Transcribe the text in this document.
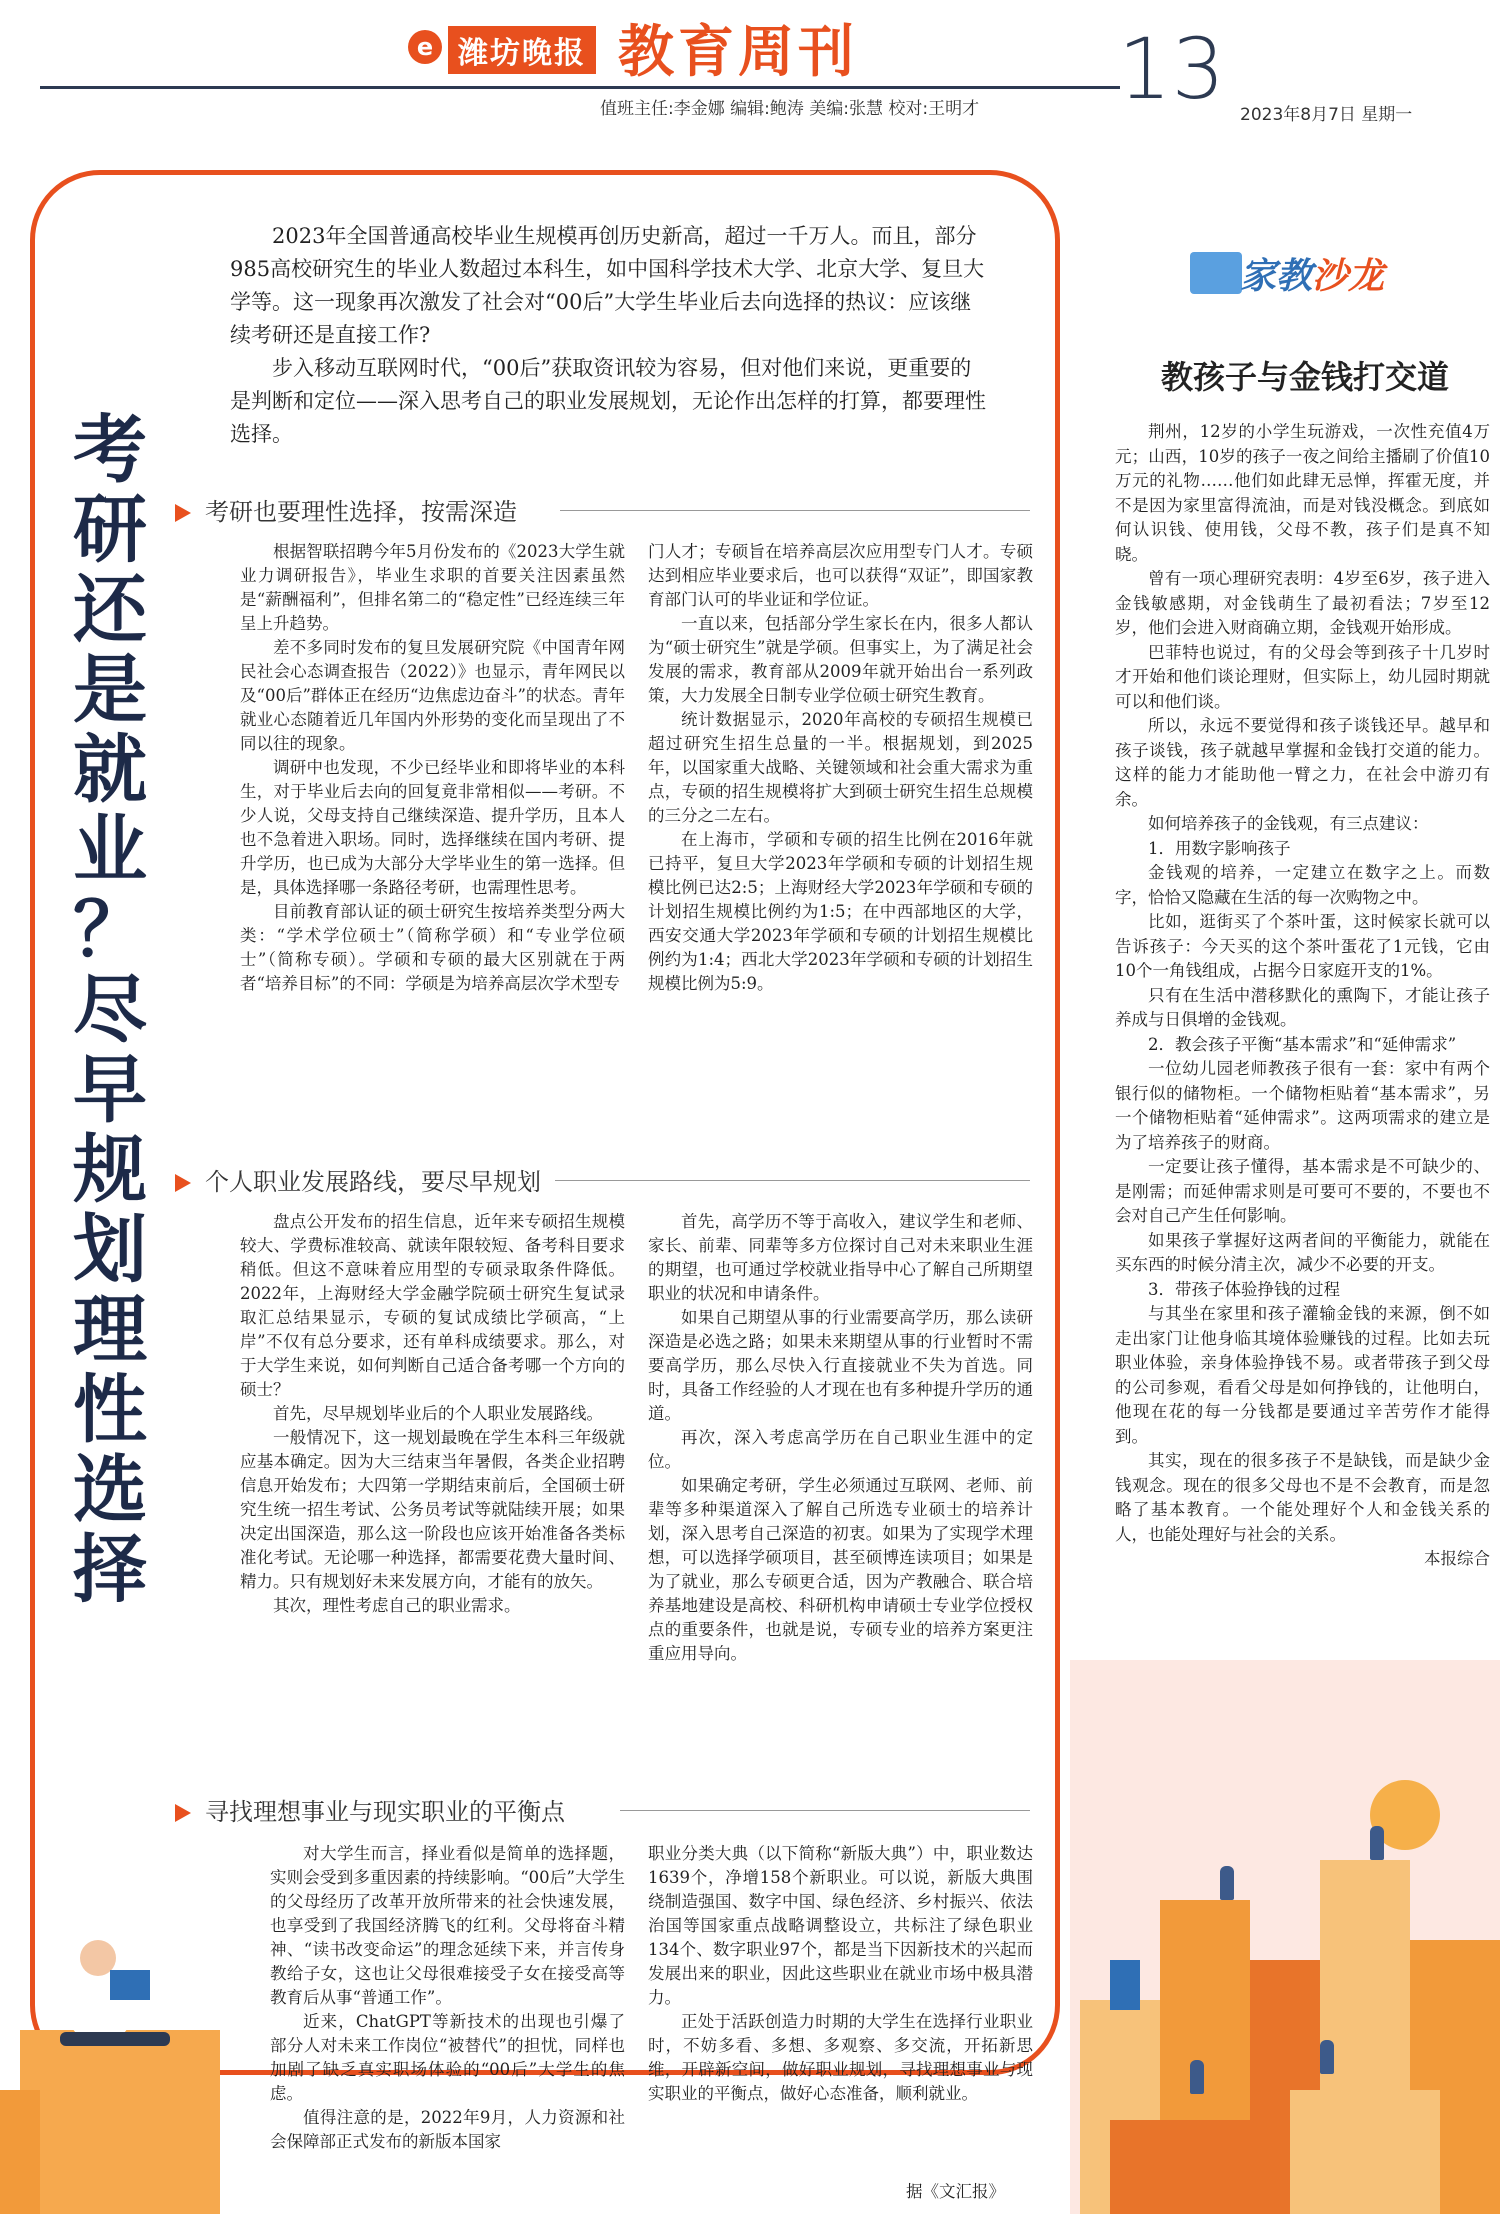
e 潍坊晚报 教育周刊
值班主任:李金娜 编辑:鲍涛 美编:张慧 校对:王明才 13 2023年8月7日 星期一
考
研
还
是
就
业
？
尽
早
规
划
理
性
选
择

2023年全国普通高校毕业生规模再创历史新高，超过一千万人。而且，部分985高校研究生的毕业人数超过本科生，如中国科学技术大学、北京大学、复旦大学等。这一现象再次激发了社会对“00后”大学生毕业后去向选择的热议：应该继续考研还是直接工作?

步入移动互联网时代，“00后”获取资讯较为容易，但对他们来说，更重要的是判断和定位——深入思考自己的职业发展规划，无论作出怎样的打算，都要理性选择。

考研也要理性选择，按需深造

根据智联招聘今年5月份发布的《2023大学生就业力调研报告》，毕业生求职的首要关注因素虽然是“薪酬福利”，但排名第二的“稳定性”已经连续三年呈上升趋势。

差不多同时发布的复旦发展研究院《中国青年网民社会心态调查报告（2022）》也显示，青年网民以及“00后”群体正在经历“边焦虑边奋斗”的状态。青年就业心态随着近几年国内外形势的变化而呈现出了不同以往的现象。

调研中也发现，不少已经毕业和即将毕业的本科生，对于毕业后去向的回复竟非常相似——考研。不少人说，父母支持自己继续深造、提升学历，且本人也不急着进入职场。同时，选择继续在国内考研、提升学历，也已成为大部分大学毕业生的第一选择。但是，具体选择哪一条路径考研，也需理性思考。

目前教育部认证的硕士研究生按培养类型分两大类：“学术学位硕士”（简称学硕）和“专业学位硕士”（简称专硕）。学硕和专硕的最大区别就在于两者“培养目标”的不同：学硕是为培养高层次学术型专

门人才；专硕旨在培养高层次应用型专门人才。专硕达到相应毕业要求后，也可以获得“双证”，即国家教育部门认可的毕业证和学位证。

一直以来，包括部分学生家长在内，很多人都认为“硕士研究生”就是学硕。但事实上，为了满足社会发展的需求，教育部从2009年就开始出台一系列政策，大力发展全日制专业学位硕士研究生教育。

统计数据显示，2020年高校的专硕招生规模已超过研究生招生总量的一半。根据规划，到2025年，以国家重大战略、关键领域和社会重大需求为重点，专硕的招生规模将扩大到硕士研究生招生总规模的三分之二左右。

在上海市，学硕和专硕的招生比例在2016年就已持平，复旦大学2023年学硕和专硕的计划招生规模比例已达2:5；上海财经大学2023年学硕和专硕的计划招生规模比例约为1:5；在中西部地区的大学，西安交通大学2023年学硕和专硕的计划招生规模比例约为1:4；西北大学2023年学硕和专硕的计划招生规模比例为5:9。

个人职业发展路线，要尽早规划

盘点公开发布的招生信息，近年来专硕招生规模较大、学费标准较高、就读年限较短、备考科目要求稍低。但这不意味着应用型的专硕录取条件降低。2022年，上海财经大学金融学院硕士研究生复试录取汇总结果显示，专硕的复试成绩比学硕高，“上岸”不仅有总分要求，还有单科成绩要求。那么，对于大学生来说，如何判断自己适合备考哪一个方向的硕士？

首先，尽早规划毕业后的个人职业发展路线。

一般情况下，这一规划最晚在学生本科三年级就应基本确定。因为大三结束当年暑假，各类企业招聘信息开始发布；大四第一学期结束前后，全国硕士研究生统一招生考试、公务员考试等就陆续开展；如果决定出国深造，那么这一阶段也应该开始准备各类标准化考试。无论哪一种选择，都需要花费大量时间、精力。只有规划好未来发展方向，才能有的放矢。

其次，理性考虑自己的职业需求。

首先，高学历不等于高收入，建议学生和老师、家长、前辈、同辈等多方位探讨自己对未来职业生涯的期望，也可通过学校就业指导中心了解自己所期望职业的状况和申请条件。

如果自己期望从事的行业需要高学历，那么读研深造是必选之路；如果未来期望从事的行业暂时不需要高学历，那么尽快入行直接就业不失为首选。同时，具备工作经验的人才现在也有多种提升学历的通道。

再次，深入考虑高学历在自己职业生涯中的定位。

如果确定考研，学生必须通过互联网、老师、前辈等多种渠道深入了解自己所选专业硕士的培养计划，深入思考自己深造的初衷。如果为了实现学术理想，可以选择学硕项目，甚至硕博连读项目；如果是为了就业，那么专硕更合适，因为产教融合、联合培养基地建设是高校、科研机构申请硕士专业学位授权点的重要条件，也就是说，专硕专业的培养方案更注重应用导向。

寻找理想事业与现实职业的平衡点

对大学生而言，择业看似是简单的选择题，实则会受到多重因素的持续影响。“00后”大学生的父母经历了改革开放所带来的社会快速发展，也享受到了我国经济腾飞的红利。父母将奋斗精神、“读书改变命运”的理念延续下来，并言传身教给子女，这也让父母很难接受子女在接受高等教育后从事“普通工作”。

近来，ChatGPT等新技术的出现也引爆了部分人对未来工作岗位“被替代”的担忧，同样也加剧了缺乏真实职场体验的“00后”大学生的焦虑。

值得注意的是，2022年9月，人力资源和社会保障部正式发布的新版本国家

职业分类大典（以下简称“新版大典”）中，职业数达1639个，净增158个新职业。可以说，新版大典围绕制造强国、数字中国、绿色经济、乡村振兴、依法治国等国家重点战略调整设立，共标注了绿色职业134个、数字职业97个，都是当下因新技术的兴起而发展出来的职业，因此这些职业在就业市场中极具潜力。

正处于活跃创造力时期的大学生在选择行业职业时，不妨多看、多想、多观察、多交流，开拓新思维，开辟新空间，做好职业规划，寻找理想事业与现实职业的平衡点，做好心态准备，顺利就业。

据《文汇报》
家教沙龙
教孩子与金钱打交道

荆州，12岁的小学生玩游戏，一次性充值4万元；山西，10岁的孩子一夜之间给主播刷了价值10万元的礼物……他们如此肆无忌惮，挥霍无度，并不是因为家里富得流油，而是对钱没概念。到底如何认识钱、使用钱，父母不教，孩子们是真不知晓。

曾有一项心理研究表明：4岁至6岁，孩子进入金钱敏感期，对金钱萌生了最初看法；7岁至12岁，他们会进入财商确立期，金钱观开始形成。

巴菲特也说过，有的父母会等到孩子十几岁时才开始和他们谈论理财，但实际上，幼儿园时期就可以和他们谈。

所以，永远不要觉得和孩子谈钱还早。越早和孩子谈钱，孩子就越早掌握和金钱打交道的能力。这样的能力才能助他一臂之力，在社会中游刃有余。

如何培养孩子的金钱观，有三点建议：

1．用数字影响孩子

金钱观的培养，一定建立在数字之上。而数字，恰恰又隐藏在生活的每一次购物之中。

比如，逛街买了个茶叶蛋，这时候家长就可以告诉孩子：今天买的这个茶叶蛋花了1元钱，它由10个一角钱组成，占据今日家庭开支的1%。

只有在生活中潜移默化的熏陶下，才能让孩子养成与日俱增的金钱观。

2．教会孩子平衡“基本需求”和“延伸需求”

一位幼儿园老师教孩子很有一套：家中有两个银行似的储物柜。一个储物柜贴着“基本需求”，另一个储物柜贴着“延伸需求”。这两项需求的建立是为了培养孩子的财商。

一定要让孩子懂得，基本需求是不可缺少的、是刚需；而延伸需求则是可要可不要的，不要也不会对自己产生任何影响。

如果孩子掌握好这两者间的平衡能力，就能在买东西的时候分清主次，减少不必要的开支。

3．带孩子体验挣钱的过程

与其坐在家里和孩子灌输金钱的来源，倒不如走出家门让他身临其境体验赚钱的过程。比如去玩职业体验，亲身体验挣钱不易。或者带孩子到父母的公司参观，看看父母是如何挣钱的，让他明白，他现在花的每一分钱都是要通过辛苦劳作才能得到。

其实，现在的很多孩子不是缺钱，而是缺少金钱观念。现在的很多父母也不是不会教育，而是忽略了基本教育。一个能处理好个人和金钱关系的人，也能处理好与社会的关系。

本报综合
